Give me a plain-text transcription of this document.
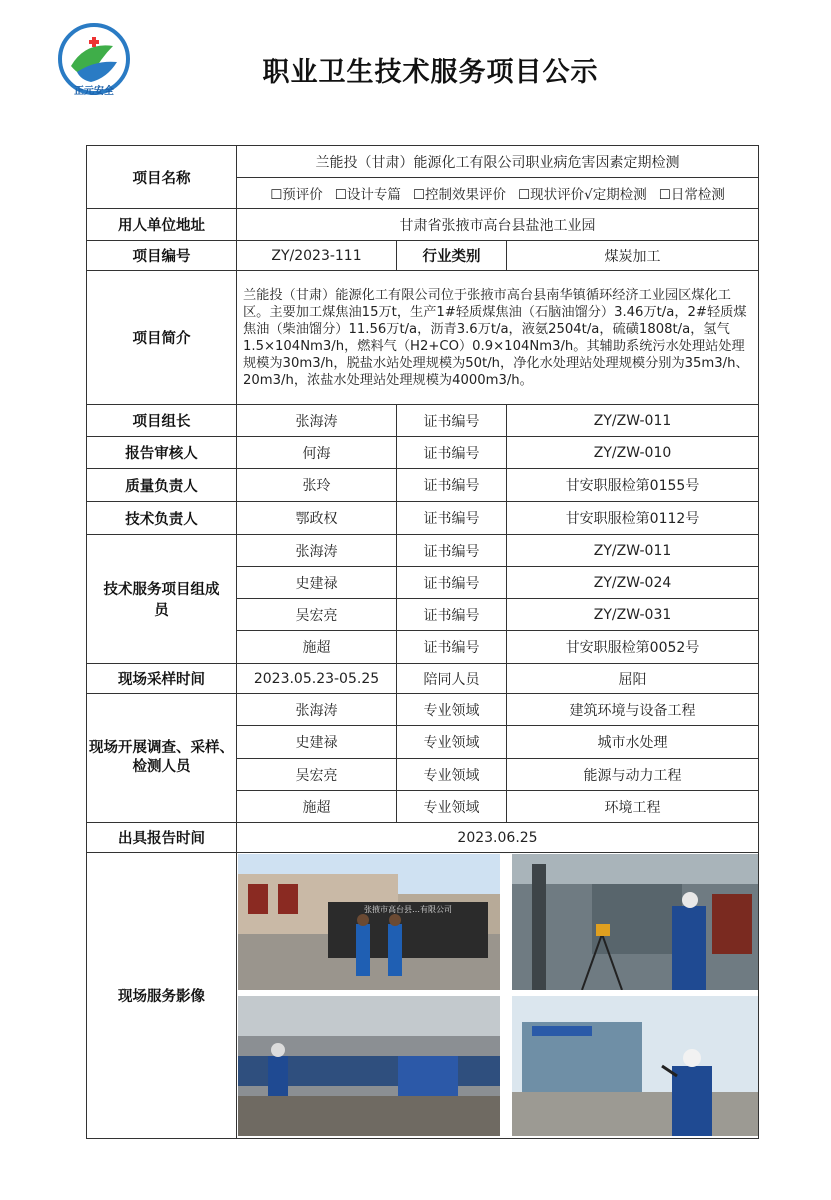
正元安全
职业卫生技术服务项目公示
项目名称	兰能投（甘肃）能源化工有限公司职业病危害因素定期检测		
	☐预评价 ☐设计专篇 ☐控制效果评价 ☐现状评价√定期检测 ☐日常检测		
用人单位地址	甘肃省张掖市高台县盐池工业园		
项目编号	ZY/2023-111	行业类别	煤炭加工
项目简介	兰能投（甘肃）能源化工有限公司位于张掖市高台县南华镇循环经济工业园区煤化工区。主要加工煤焦油15万t，生产1#轻质煤焦油（石脑油馏分）3.46万t/a，2#轻质煤焦油（柴油馏分）11.56万t/a，沥青3.6万t/a，液氨2504t/a，硫磺1808t/a，氢气1.5×104Nm3/h，燃料气（H2+CO）0.9×104Nm3/h。其辅助系统污水处理站处理规模为30m3/h，脱盐水站处理规模为50t/h，净化水处理站处理规模分别为35m3/h、20m3/h，浓盐水处理站处理规模为4000m3/h。		
项目组长	张海涛	证书编号	ZY/ZW-011
报告审核人	何海	证书编号	ZY/ZW-010
质量负责人	张玲	证书编号	甘安职服检第0155号
技术负责人	鄂政权	证书编号	甘安职服检第0112号
技术服务项目组成员	张海涛	证书编号	ZY/ZW-011
	史建禄	证书编号	ZY/ZW-024
	吴宏亮	证书编号	ZY/ZW-031
	施超	证书编号	甘安职服检第0052号
现场采样时间	2023.05.23-05.25	陪同人员	屈阳
现场开展调查、采样、
检测人员	张海涛	专业领域	建筑环境与设备工程
	史建禄	专业领域	城市水处理
	吴宏亮	专业领域	能源与动力工程
	施超	专业领域	环境工程
出具报告时间	2023.06.25		
现场服务影像	张掖市高台县…有限公司		
